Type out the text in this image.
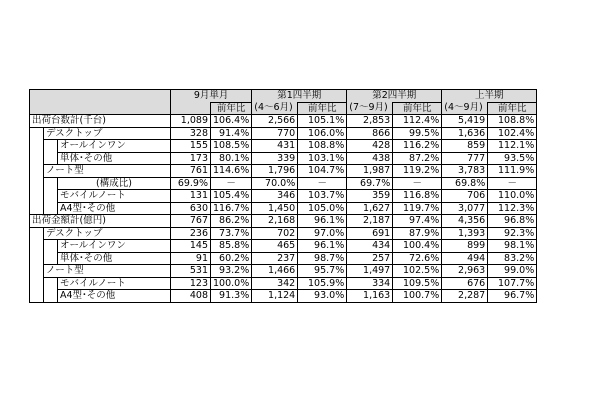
			9月単月		第1四半期		第2四半期		上半期	
				前年比	(4～6月)	前年比	(7～9月)	前年比	(4～9月)	前年比
出荷台数計(千台)			1,089	106.4%	2,566	105.1%	2,853	112.4%	5,419	108.8%
	デスクトップ		328	91.4%	770	106.0%	866	99.5%	1,636	102.4%
		オールインワン	155	108.5%	431	108.8%	428	116.2%	859	112.1%
		単体･その他	173	80.1%	339	103.1%	438	87.2%	777	93.5%
	ノート型		761	114.6%	1,796	104.7%	1,987	119.2%	3,783	111.9%
		(構成比)	69.9%	－	70.0%	－	69.7%	－	69.8%	－
		モバイルノート	131	105.4%	346	103.7%	359	116.8%	706	110.0%
		A4型･その他	630	116.7%	1,450	105.0%	1,627	119.7%	3,077	112.3%
出荷金額計(億円)			767	86.2%	2,168	96.1%	2,187	97.4%	4,356	96.8%
	デスクトップ		236	73.7%	702	97.0%	691	87.9%	1,393	92.3%
		オールインワン	145	85.8%	465	96.1%	434	100.4%	899	98.1%
		単体･その他	91	60.2%	237	98.7%	257	72.6%	494	83.2%
	ノート型		531	93.2%	1,466	95.7%	1,497	102.5%	2,963	99.0%
		モバイルノート	123	100.0%	342	105.9%	334	109.5%	676	107.7%
		A4型･その他	408	91.3%	1,124	93.0%	1,163	100.7%	2,287	96.7%
